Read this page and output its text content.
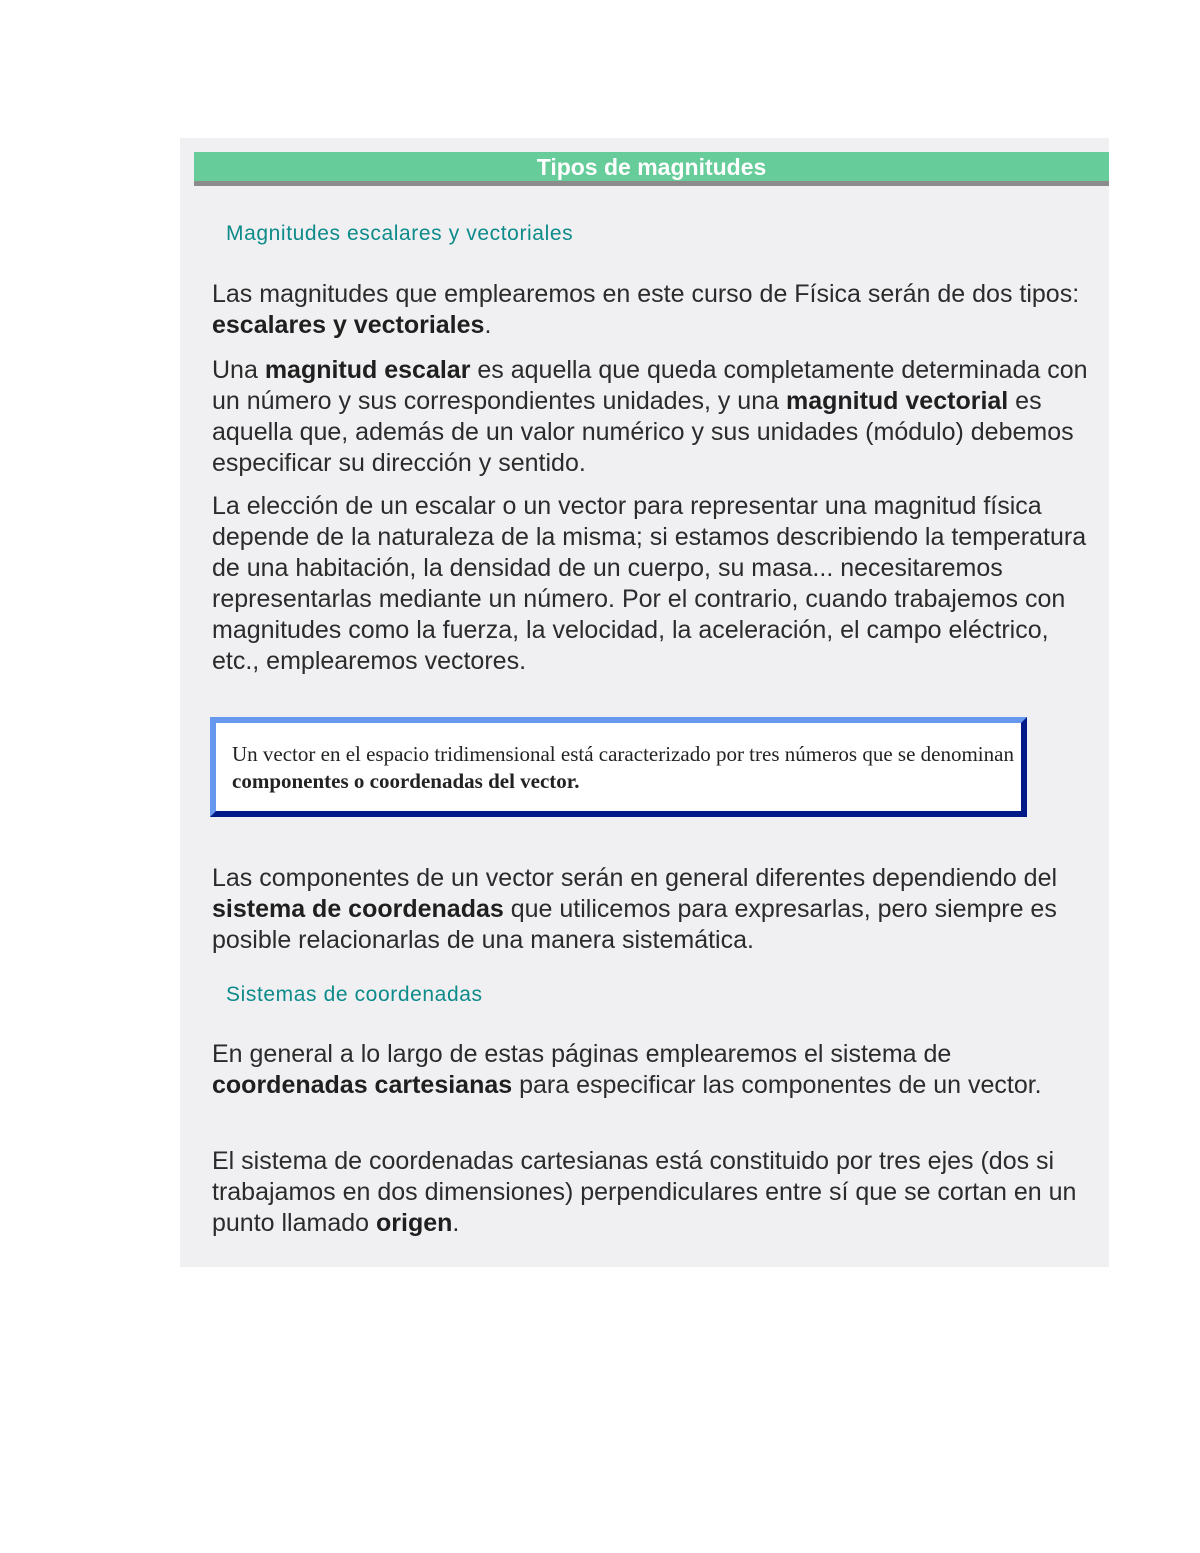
Tipos de magnitudes
Magnitudes escalares y vectoriales

Las magnitudes que emplearemos en este curso de Física serán de dos tipos: escalares y vectoriales.

Una magnitud escalar es aquella que queda completamente determinada con un número y sus correspondientes unidades, y una magnitud vectorial es aquella que, además de un valor numérico y sus unidades (módulo) debemos especificar su dirección y sentido.

La elección de un escalar o un vector para representar una magnitud física depende de la naturaleza de la misma; si estamos describiendo la temperatura de una habitación, la densidad de un cuerpo, su masa... necesitaremos representarlas mediante un número. Por el contrario, cuando trabajemos con magnitudes como la fuerza, la velocidad, la aceleración, el campo eléctrico, etc., emplearemos vectores.

Un vector en el espacio tridimensional está caracterizado por tres números que se denominan componentes o coordenadas del vector.

Las componentes de un vector serán en general diferentes dependiendo del sistema de coordenadas que utilicemos para expresarlas, pero siempre es posible relacionarlas de una manera sistemática.

Sistemas de coordenadas

En general a lo largo de estas páginas emplearemos el sistema de coordenadas cartesianas para especificar las componentes de un vector.

El sistema de coordenadas cartesianas está constituido por tres ejes (dos si trabajamos en dos dimensiones) perpendiculares entre sí que se cortan en un punto llamado origen.
